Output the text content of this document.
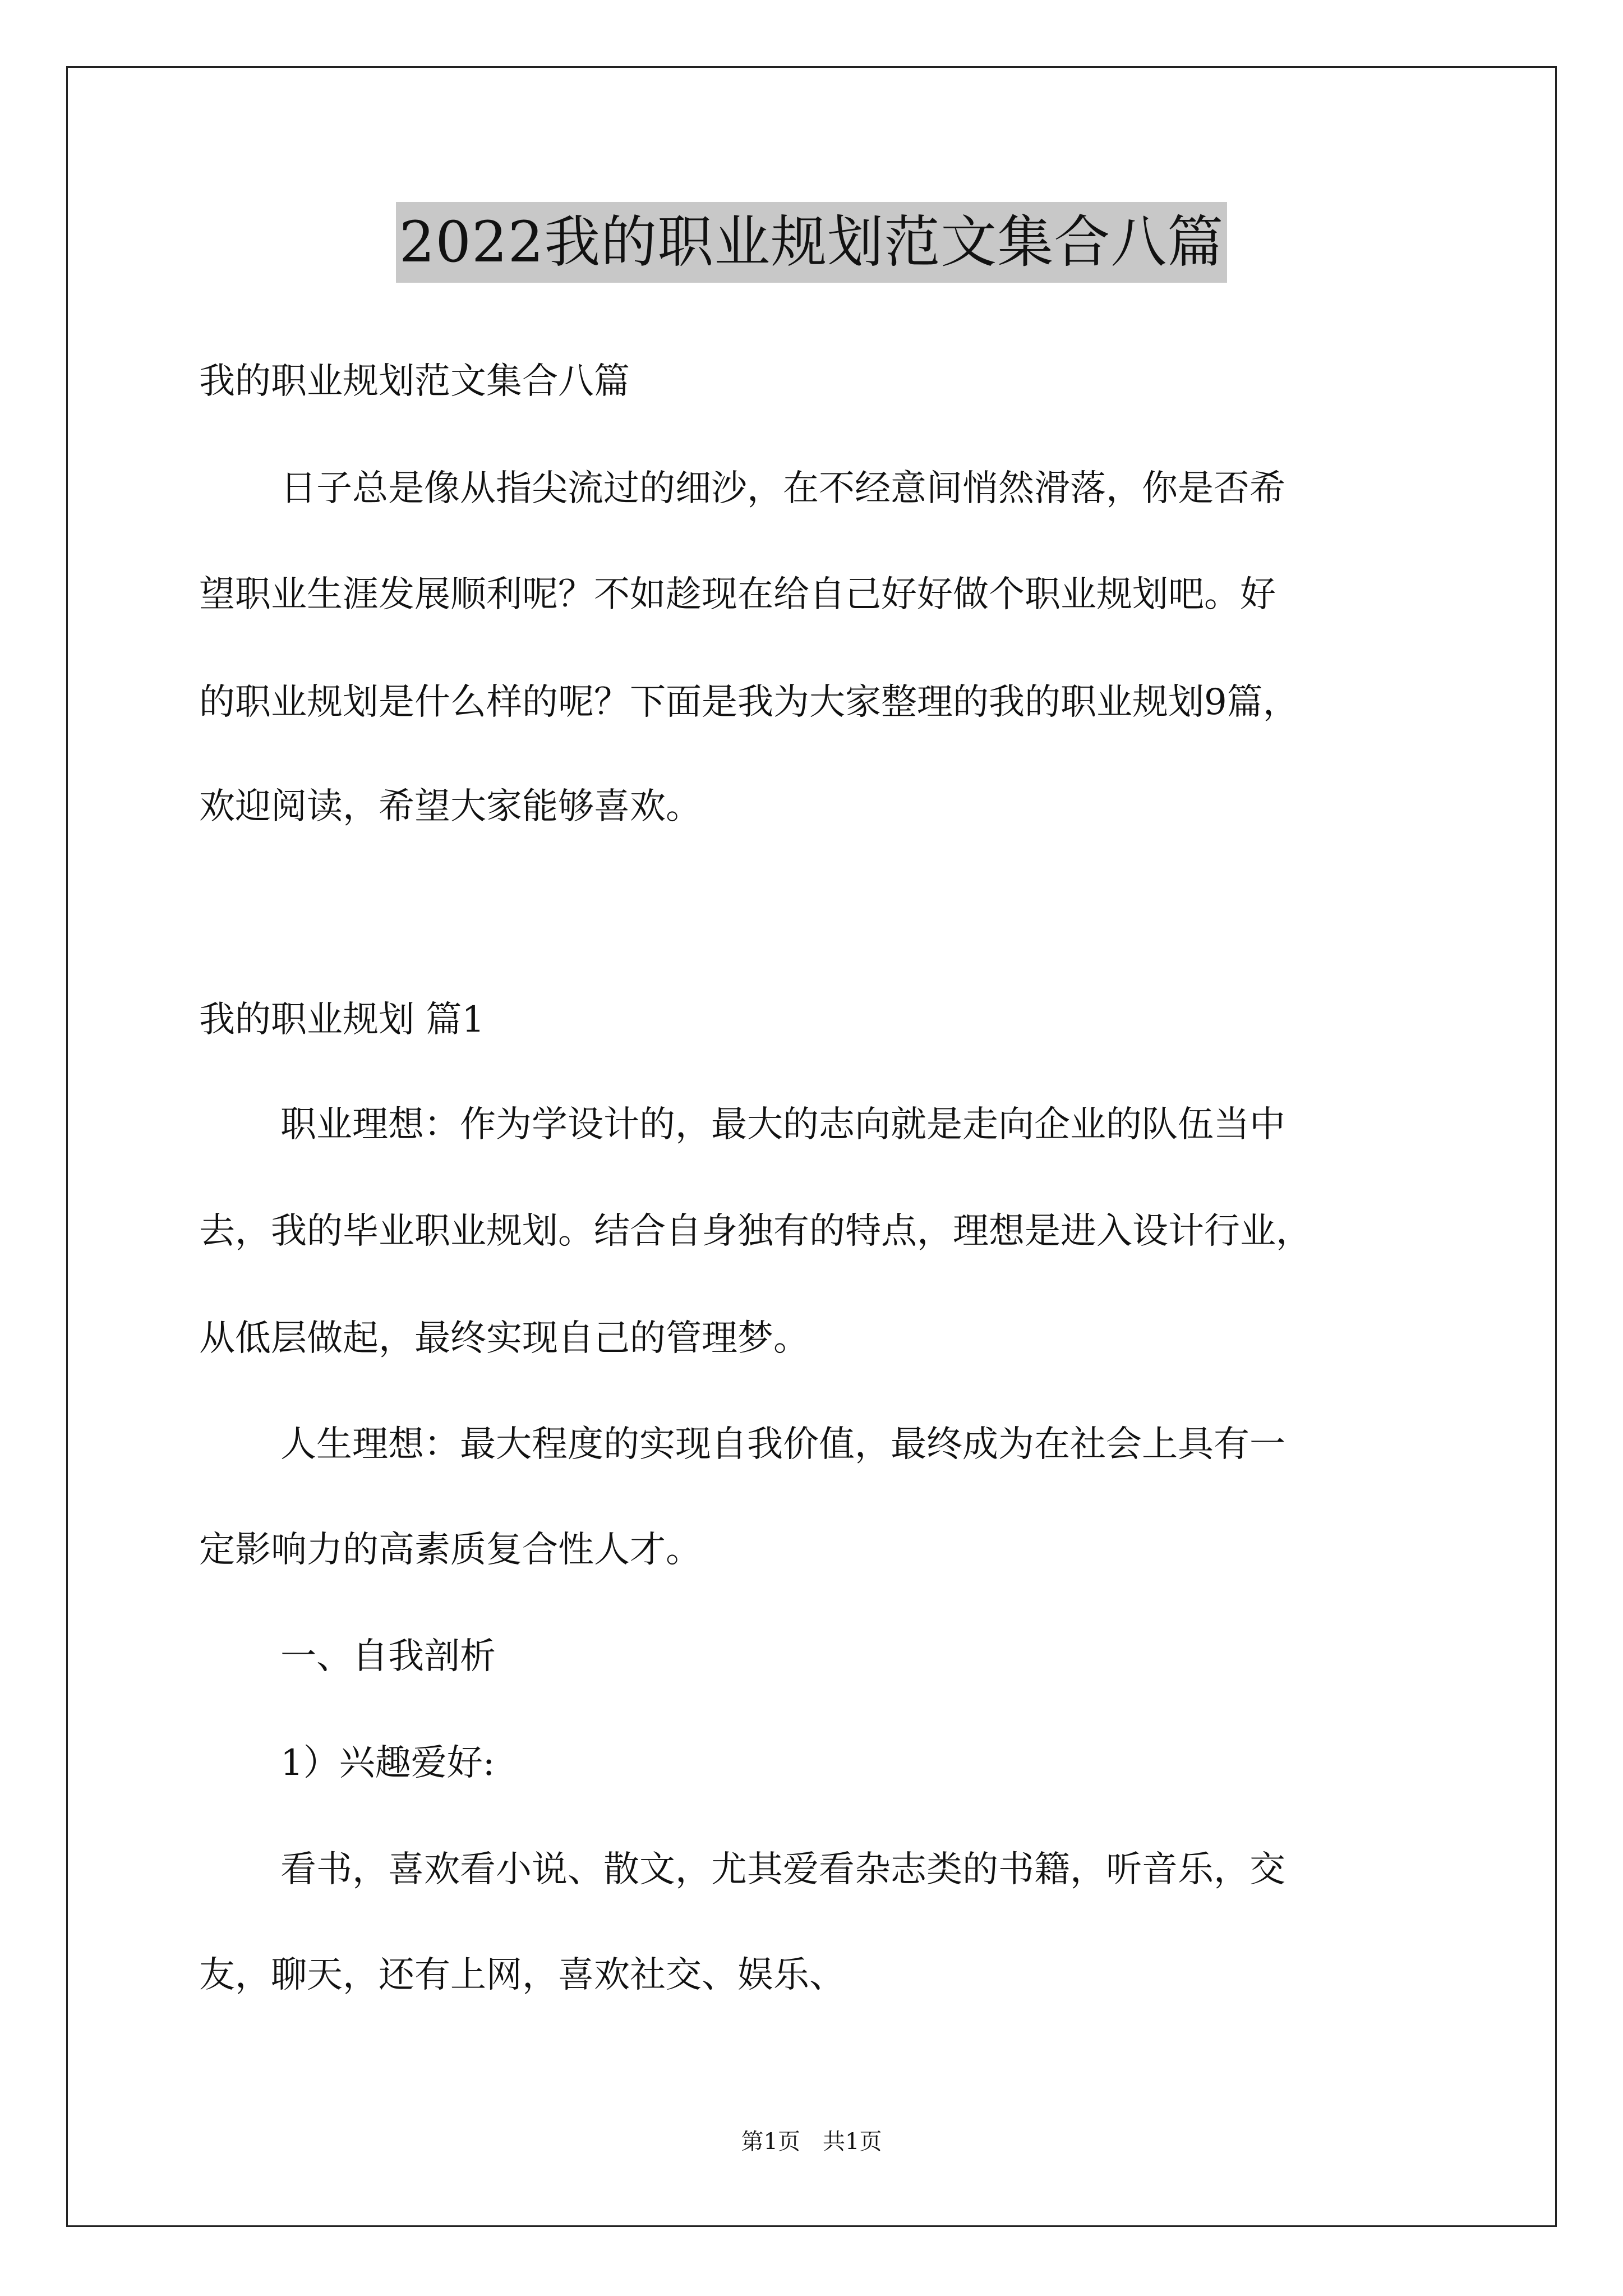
2022我的职业规划范文集合八篇
我的职业规划范文集合八篇
日子总是像从指尖流过的细沙，在不经意间悄然滑落，你是否希
望职业生涯发展顺利呢？不如趁现在给自己好好做个职业规划吧。好
的职业规划是什么样的呢？下面是我为大家整理的我的职业规划9篇，
欢迎阅读，希望大家能够喜欢。
我的职业规划 篇1
职业理想：作为学设计的，最大的志向就是走向企业的队伍当中
去，我的毕业职业规划。结合自身独有的特点，理想是进入设计行业，
从低层做起，最终实现自己的管理梦。
人生理想：最大程度的实现自我价值，最终成为在社会上具有一
定影响力的高素质复合性人才。
一、自我剖析
1）兴趣爱好:
看书，喜欢看小说、散文，尤其爱看杂志类的书籍，听音乐，交
友，聊天，还有上网，喜欢社交、娱乐、
第1页 共1页
